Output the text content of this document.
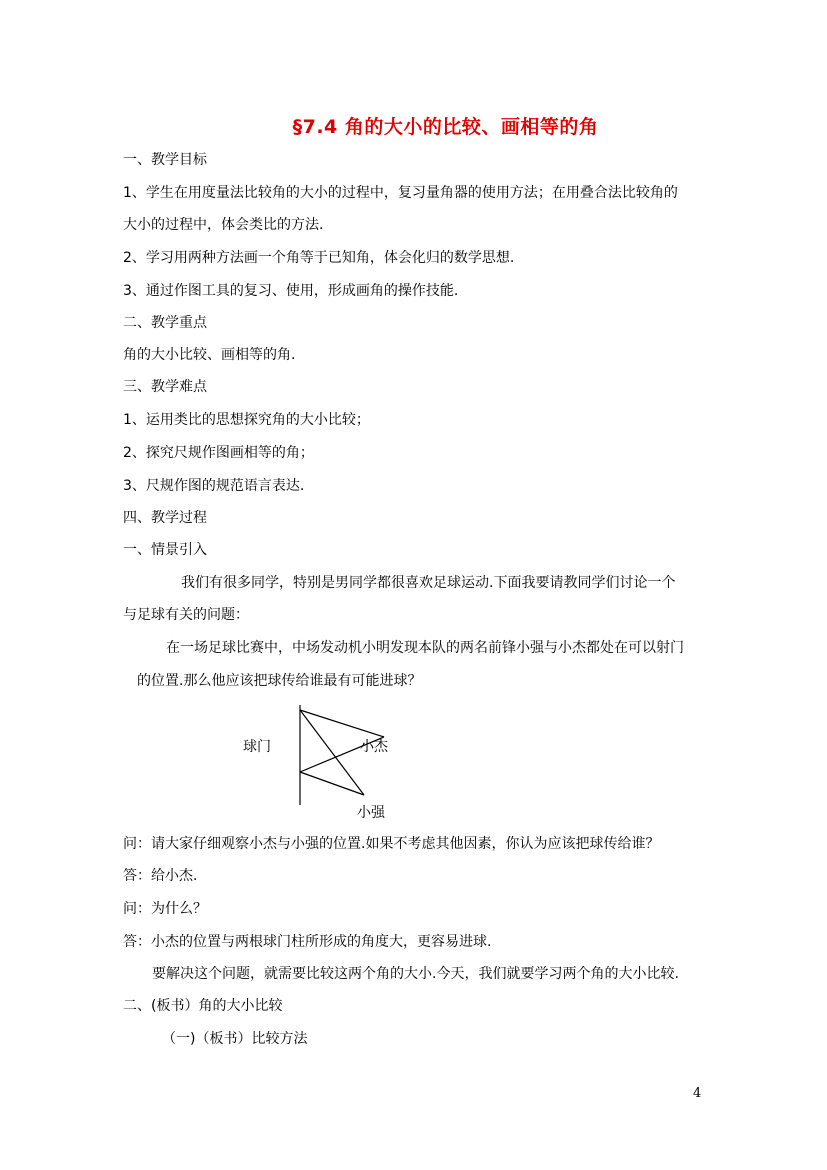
§7.4 角的大小的比较、画相等的角
一、教学目标
1、学生在用度量法比较角的大小的过程中，复习量角器的使用方法；在用叠合法比较角的
大小的过程中，体会类比的方法.
2、学习用两种方法画一个角等于已知角，体会化归的数学思想.
3、通过作图工具的复习、使用，形成画角的操作技能.
二、教学重点
角的大小比较、画相等的角.
三、教学难点
1、运用类比的思想探究角的大小比较；
2、探究尺规作图画相等的角；
3、尺规作图的规范语言表达.
四、教学过程
一、情景引入
我们有很多同学，特别是男同学都很喜欢足球运动.下面我要请教同学们讨论一个
与足球有关的问题：
在一场足球比赛中，中场发动机小明发现本队的两名前锋小强与小杰都处在可以射门
的位置.那么他应该把球传给谁最有可能进球？
球门	小杰
小强
问：请大家仔细观察小杰与小强的位置.如果不考虑其他因素，你认为应该把球传给谁？
答：给小杰.
问：为什么？
答：小杰的位置与两根球门柱所形成的角度大，更容易进球.
要解决这个问题，就需要比较这两个角的大小.今天，我们就要学习两个角的大小比较.
二、(板书）角的大小比较
（一)（板书）比较方法
4
